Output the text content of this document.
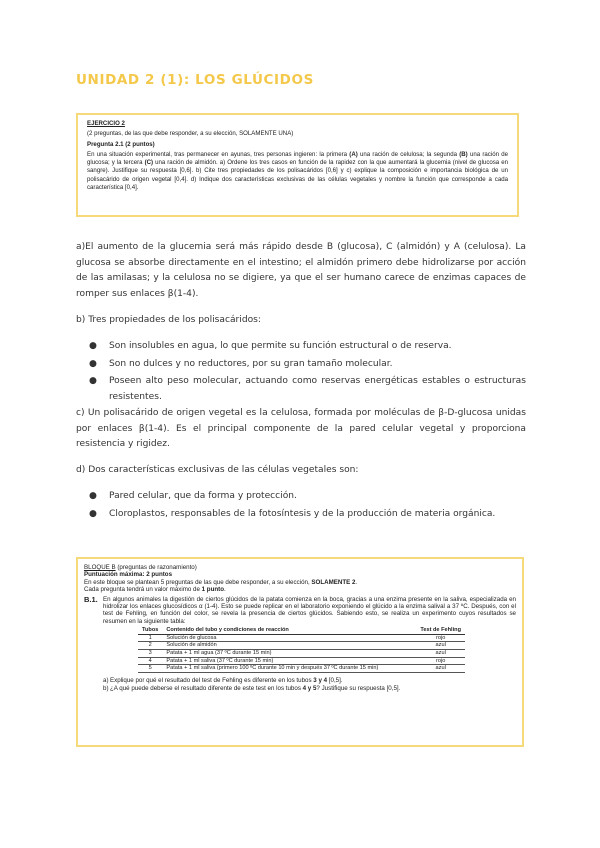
UNIDAD 2 (1): LOS GLÚCIDOS
EJERCICIO 2
(2 preguntas, de las que debe responder, a su elección, SOLAMENTE UNA)
Pregunta 2.1 (2 puntos)
En una situación experimental, tras permanecer en ayunas, tres personas ingieren: la primera (A) una ración de celulosa; la segunda (B) una ración de glucosa; y la tercera (C) una ración de almidón. a) Ordene los tres casos en función de la rapidez con la que aumentará la glucemia (nivel de glucosa en sangre). Justifique su respuesta [0,6]. b) Cite tres propiedades de los polisacáridos [0,6] y c) explique la composición e importancia biológica de un polisacárido de origen vegetal [0,4]. d) Indique dos características exclusivas de las células vegetales y nombre la función que corresponde a cada característica [0,4].
a)El aumento de la glucemia será más rápido desde B (glucosa), C (almidón) y A (celulosa). La glucosa se absorbe directamente en el intestino; el almidón primero debe hidrolizarse por acción de las amilasas; y la celulosa no se digiere, ya que el ser humano carece de enzimas capaces de romper sus enlaces β(1-4).
b) Tres propiedades de los polisacáridos:
● Son insolubles en agua, lo que permite su función estructural o de reserva.
● Son no dulces y no reductores, por su gran tamaño molecular.
● Poseen alto peso molecular, actuando como reservas energéticas estables o estructuras resistentes.
c) Un polisacárido de origen vegetal es la celulosa, formada por moléculas de β-D-glucosa unidas por enlaces β(1-4). Es el principal componente de la pared celular vegetal y proporciona resistencia y rigidez.
d) Dos características exclusivas de las células vegetales son:
● Pared celular, que da forma y protección.
● Cloroplastos, responsables de la fotosíntesis y de la producción de materia orgánica.
BLOQUE B (preguntas de razonamiento)
Puntuación máxima: 2 puntos
En este bloque se plantean 5 preguntas de las que debe responder, a su elección, SOLAMENTE 2.
Cada pregunta tendrá un valor máximo de 1 punto.
B.1. En algunos animales la digestión de ciertos glúcidos de la patata comienza en la boca, gracias a una enzima presente en la saliva, especializada en hidrolizar los enlaces glucosídicos α (1-4). Esto se puede replicar en el laboratorio exponiendo el glúcido a la enzima salival a 37 ºC. Después, con el test de Fehling, en función del color, se revela la presencia de ciertos glúcidos. Sabiendo esto, se realiza un experimento cuyos resultados se resumen en la siguiente tabla:
Tubos	Contenido del tubo y condiciones de reacción	Test de Fehling
1	Solución de glucosa	rojo
2	Solución de almidón	azul
3	Patata + 1 ml agua (37 ºC durante 15 min)	azul
4	Patata + 1 ml saliva (37 ºC durante 15 min)	rojo
5	Patata + 1 ml saliva (primero 100 ºC durante 10 min y después 37 ºC durante 15 min)	azul
a) Explique por qué el resultado del test de Fehling es diferente en los tubos 3 y 4 [0,5].
b) ¿A qué puede deberse el resultado diferente de este test en los tubos 4 y 5? Justifique su respuesta [0,5].
